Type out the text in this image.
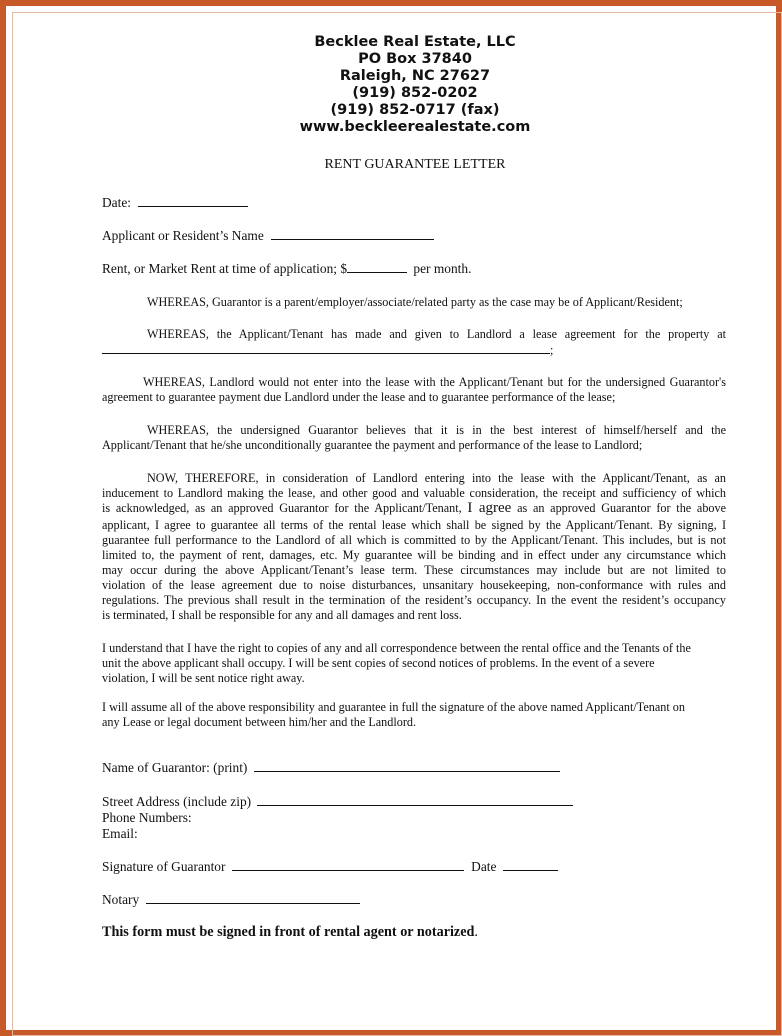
Becklee Real Estate, LLC
PO Box 37840
Raleigh, NC 27627
(919) 852-0202
(919) 852-0717 (fax)
www.beckleerealestate.com
RENT GUARANTEE LETTER
Date:
Applicant or Resident’s Name
Rent, or Market Rent at time of application; $	per month.
WHEREAS, Guarantor is a parent/employer/associate/related party as the case may be of Applicant/Resident;
WHEREAS, the Applicant/Tenant has made and given to Landlord a lease agreement for the property at
;
WHEREAS, Landlord would not enter into the lease with the Applicant/Tenant but for the undersigned Guarantor's
agreement to guarantee payment due Landlord under the lease and to guarantee performance of the lease;
WHEREAS, the undersigned Guarantor believes that it is in the best interest of himself/herself and the
Applicant/Tenant that he/she unconditionally guarantee the payment and performance of the lease to Landlord;
NOW, THEREFORE, in consideration of Landlord entering into the lease with the Applicant/Tenant, as an
inducement to Landlord making the lease, and other good and valuable consideration, the receipt and sufficiency of which
is acknowledged, as an approved Guarantor for the Applicant/Tenant, I agree as an approved Guarantor for the above
applicant, I agree to guarantee all terms of the rental lease which shall be signed by the Applicant/Tenant. By signing, I
guarantee full performance to the Landlord of all which is committed to by the Applicant/Tenant. This includes, but is not
limited to, the payment of rent, damages, etc. My guarantee will be binding and in effect under any circumstance which
may occur during the above Applicant/Tenant’s lease term. These circumstances may include but are not limited to
violation of the lease agreement due to noise disturbances, unsanitary housekeeping, non-conformance with rules and
regulations. The previous shall result in the termination of the resident’s occupancy. In the event the resident’s occupancy
is terminated, I shall be responsible for any and all damages and rent loss.
I understand that I have the right to copies of any and all correspondence between the rental office and the Tenants of the
unit the above applicant shall occupy. I will be sent copies of second notices of problems. In the event of a severe
violation, I will be sent notice right away.
I will assume all of the above responsibility and guarantee in full the signature of the above named Applicant/Tenant on
any Lease or legal document between him/her and the Landlord.
Name of Guarantor: (print)
Street Address (include zip)
Phone Numbers:
Email:
Signature of Guarantor	Date
Notary
This form must be signed in front of rental agent or notarized.
